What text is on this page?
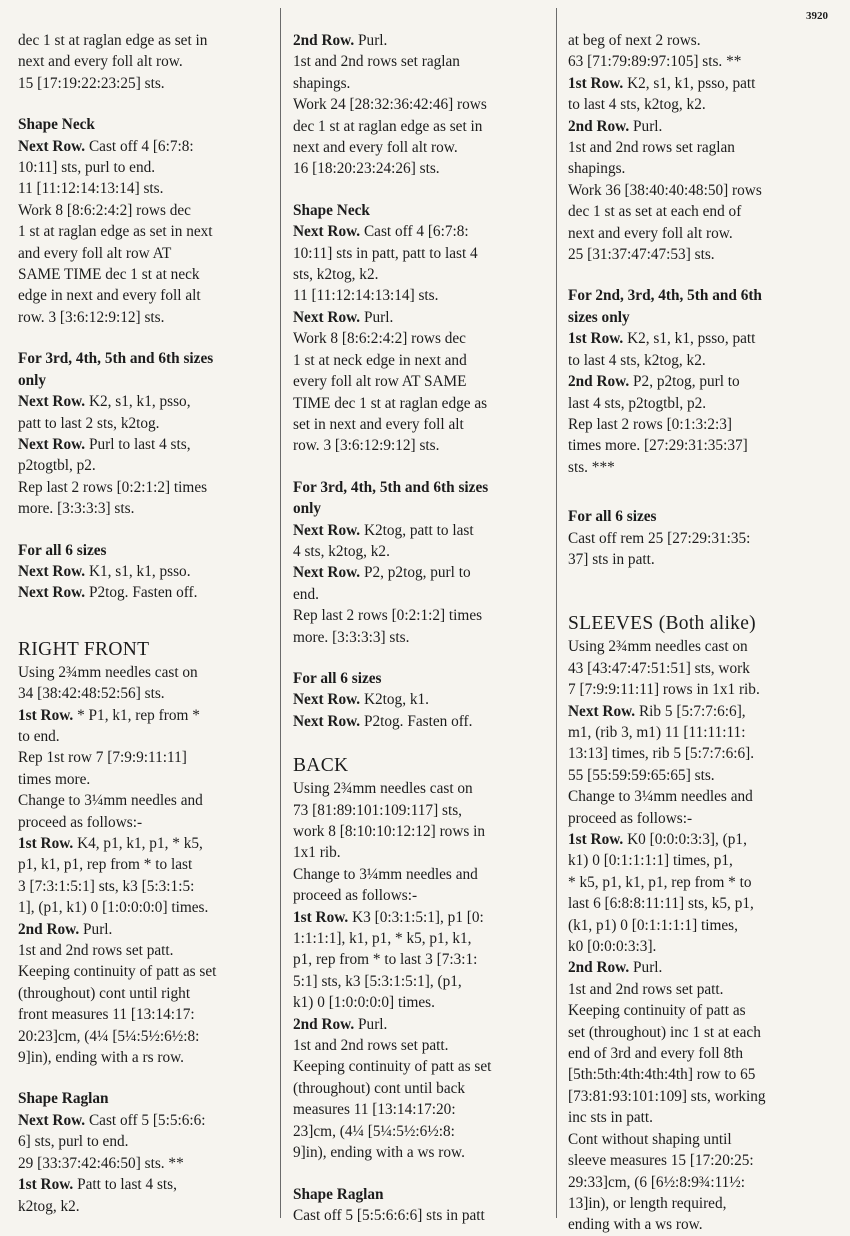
3920
dec 1 st at raglan edge as set in
next and every foll alt row.
15 [17:19:22:23:25] sts.

Shape Neck

Next Row. Cast off 4 [6:7:8:
10:11] sts, purl to end.
11 [11:12:14:13:14] sts.
Work 8 [8:6:2:4:2] rows dec
1 st at raglan edge as set in next
and every foll alt row AT
SAME TIME dec 1 st at neck
edge in next and every foll alt
row. 3 [3:6:12:9:12] sts.

For 3rd, 4th, 5th and 6th sizes

only

Next Row. K2, s1, k1, psso,
patt to last 2 sts, k2tog.
Next Row. Purl to last 4 sts,
p2togtbl, p2.
Rep last 2 rows [0:2:1:2] times
more. [3:3:3:3] sts.

For all 6 sizes

Next Row. K1, s1, k1, psso.
Next Row. P2tog. Fasten off.

RIGHT FRONT

Using 2¾mm needles cast on
34 [38:42:48:52:56] sts.
1st Row. * P1, k1, rep from *
to end.
Rep 1st row 7 [7:9:9:11:11]
times more.
Change to 3¼mm needles and
proceed as follows:-
1st Row. K4, p1, k1, p1, * k5,
p1, k1, p1, rep from * to last
3 [7:3:1:5:1] sts, k3 [5:3:1:5:
1], (p1, k1) 0 [1:0:0:0:0] times.
2nd Row. Purl.
1st and 2nd rows set patt.
Keeping continuity of patt as set
(throughout) cont until right
front measures 11 [13:14:17:
20:23]cm, (4¼ [5¼:5½:6½:8:
9]in), ending with a rs row.

Shape Raglan

Next Row. Cast off 5 [5:5:6:6:
6] sts, purl to end.
29 [33:37:42:46:50] sts. **
1st Row. Patt to last 4 sts,
k2tog, k2.
2nd Row. Purl.
1st and 2nd rows set raglan
shapings.
Work 24 [28:32:36:42:46] rows
dec 1 st at raglan edge as set in
next and every foll alt row.
16 [18:20:23:24:26] sts.

Shape Neck

Next Row. Cast off 4 [6:7:8:
10:11] sts in patt, patt to last 4
sts, k2tog, k2.
11 [11:12:14:13:14] sts.
Next Row. Purl.
Work 8 [8:6:2:4:2] rows dec
1 st at neck edge in next and
every foll alt row AT SAME
TIME dec 1 st at raglan edge as
set in next and every foll alt
row. 3 [3:6:12:9:12] sts.

For 3rd, 4th, 5th and 6th sizes

only

Next Row. K2tog, patt to last
4 sts, k2tog, k2.
Next Row. P2, p2tog, purl to
end.
Rep last 2 rows [0:2:1:2] times
more. [3:3:3:3] sts.

For all 6 sizes

Next Row. K2tog, k1.
Next Row. P2tog. Fasten off.

BACK

Using 2¾mm needles cast on
73 [81:89:101:109:117] sts,
work 8 [8:10:10:12:12] rows in
1x1 rib.
Change to 3¼mm needles and
proceed as follows:-
1st Row. K3 [0:3:1:5:1], p1 [0:
1:1:1:1], k1, p1, * k5, p1, k1,
p1, rep from * to last 3 [7:3:1:
5:1] sts, k3 [5:3:1:5:1], (p1,
k1) 0 [1:0:0:0:0] times.
2nd Row. Purl.
1st and 2nd rows set patt.
Keeping continuity of patt as set
(throughout) cont until back
measures 11 [13:14:17:20:
23]cm, (4¼ [5¼:5½:6½:8:
9]in), ending with a ws row.

Shape Raglan

Cast off 5 [5:5:6:6:6] sts in patt
at beg of next 2 rows.
63 [71:79:89:97:105] sts. **
1st Row. K2, s1, k1, psso, patt
to last 4 sts, k2tog, k2.
2nd Row. Purl.
1st and 2nd rows set raglan
shapings.
Work 36 [38:40:40:48:50] rows
dec 1 st as set at each end of
next and every foll alt row.
25 [31:37:47:47:53] sts.

For 2nd, 3rd, 4th, 5th and 6th

sizes only

1st Row. K2, s1, k1, psso, patt
to last 4 sts, k2tog, k2.
2nd Row. P2, p2tog, purl to
last 4 sts, p2togtbl, p2.
Rep last 2 rows [0:1:3:2:3]
times more. [27:29:31:35:37]
sts. ***

For all 6 sizes

Cast off rem 25 [27:29:31:35:
37] sts in patt.

SLEEVES (Both alike)

Using 2¾mm needles cast on
43 [43:47:47:51:51] sts, work
7 [7:9:9:11:11] rows in 1x1 rib.
Next Row. Rib 5 [5:7:7:6:6],
m1, (rib 3, m1) 11 [11:11:11:
13:13] times, rib 5 [5:7:7:6:6].
55 [55:59:59:65:65] sts.
Change to 3¼mm needles and
proceed as follows:-
1st Row. K0 [0:0:0:3:3], (p1,
k1) 0 [0:1:1:1:1] times, p1,
* k5, p1, k1, p1, rep from * to
last 6 [6:8:8:11:11] sts, k5, p1,
(k1, p1) 0 [0:1:1:1:1] times,
k0 [0:0:0:3:3].
2nd Row. Purl.
1st and 2nd rows set patt.
Keeping continuity of patt as
set (throughout) inc 1 st at each
end of 3rd and every foll 8th
[5th:5th:4th:4th:4th] row to 65
[73:81:93:101:109] sts, working
inc sts in patt.
Cont without shaping until
sleeve measures 15 [17:20:25:
29:33]cm, (6 [6½:8:9¾:11½:
13]in), or length required,
ending with a ws row.
